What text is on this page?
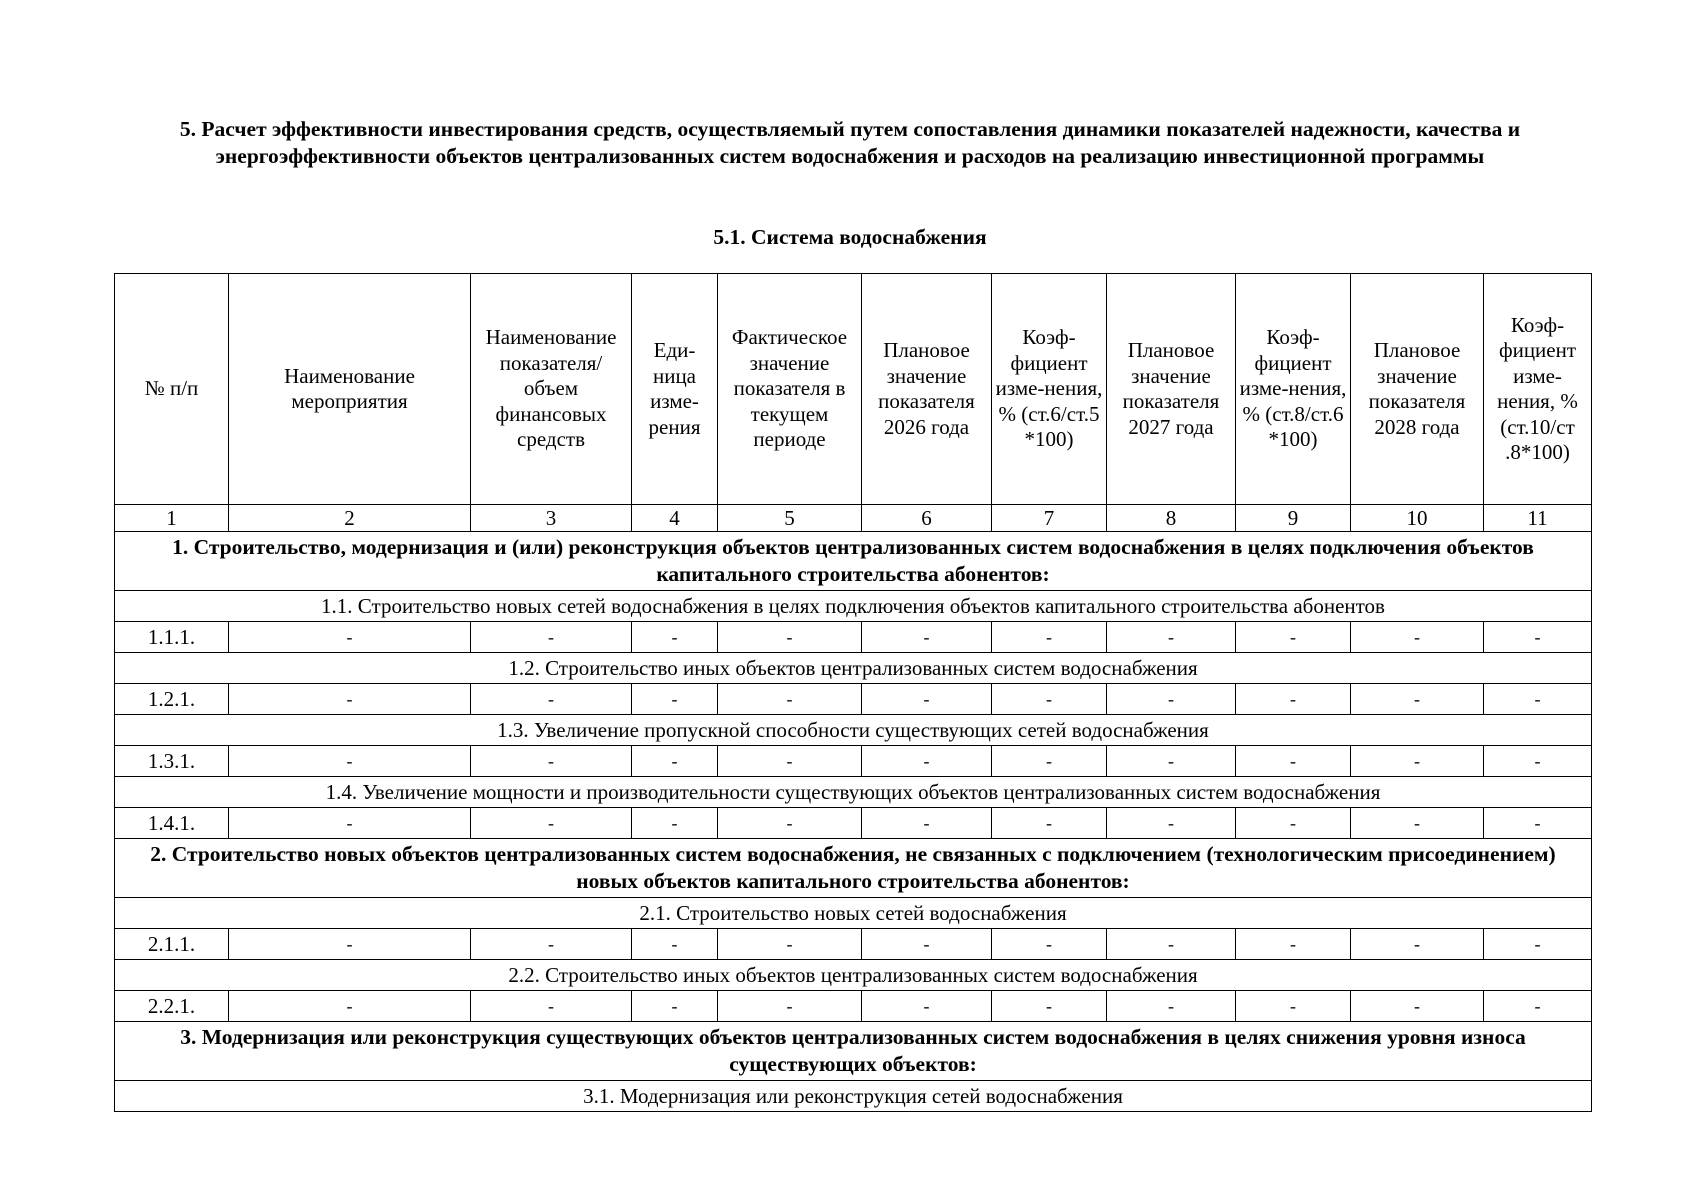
5. Расчет эффективности инвестирования средств, осуществляемый путем сопоставления динамики показателей надежности, качества и энергоэффективности объектов централизованных систем водоснабжения и расходов на реализацию инвестиционной программы
5.1. Система водоснабжения
№ п/п	Наименование мероприятия	Наименование показателя/ объем финансовых средств	Еди-ница изме-рения	Фактическое значение показателя в текущем периоде	Плановое значение показателя 2026 года	Коэф-фициент изме-нения, % (ст.6/ст.5 *100)	Плановое значение показателя 2027 года	Коэф-фициент изме-нения, % (ст.8/ст.6 *100)	Плановое значение показателя 2028 года	Коэф-фициент изме-нения, % (ст.10/ст .8*100)
1	2	3	4	5	6	7	8	9	10	11
1. Строительство, модернизация и (или) реконструкция объектов централизованных систем водоснабжения в целях подключения объектов капитального строительства абонентов:										
1.1. Строительство новых сетей водоснабжения в целях подключения объектов капитального строительства абонентов										
1.1.1.	-	-	-	-	-	-	-	-	-	-
1.2. Строительство иных объектов централизованных систем водоснабжения										
1.2.1.	-	-	-	-	-	-	-	-	-	-
1.3. Увеличение пропускной способности существующих сетей водоснабжения										
1.3.1.	-	-	-	-	-	-	-	-	-	-
1.4. Увеличение мощности и производительности существующих объектов централизованных систем водоснабжения										
1.4.1.	-	-	-	-	-	-	-	-	-	-
2. Строительство новых объектов централизованных систем водоснабжения, не связанных с подключением (технологическим присоединением) новых объектов капитального строительства абонентов:										
2.1. Строительство новых сетей водоснабжения										
2.1.1.	-	-	-	-	-	-	-	-	-	-
2.2. Строительство иных объектов централизованных систем водоснабжения										
2.2.1.	-	-	-	-	-	-	-	-	-	-
3. Модернизация или реконструкция существующих объектов централизованных систем водоснабжения в целях снижения уровня износа существующих объектов:										
3.1. Модернизация или реконструкция сетей водоснабжения										
